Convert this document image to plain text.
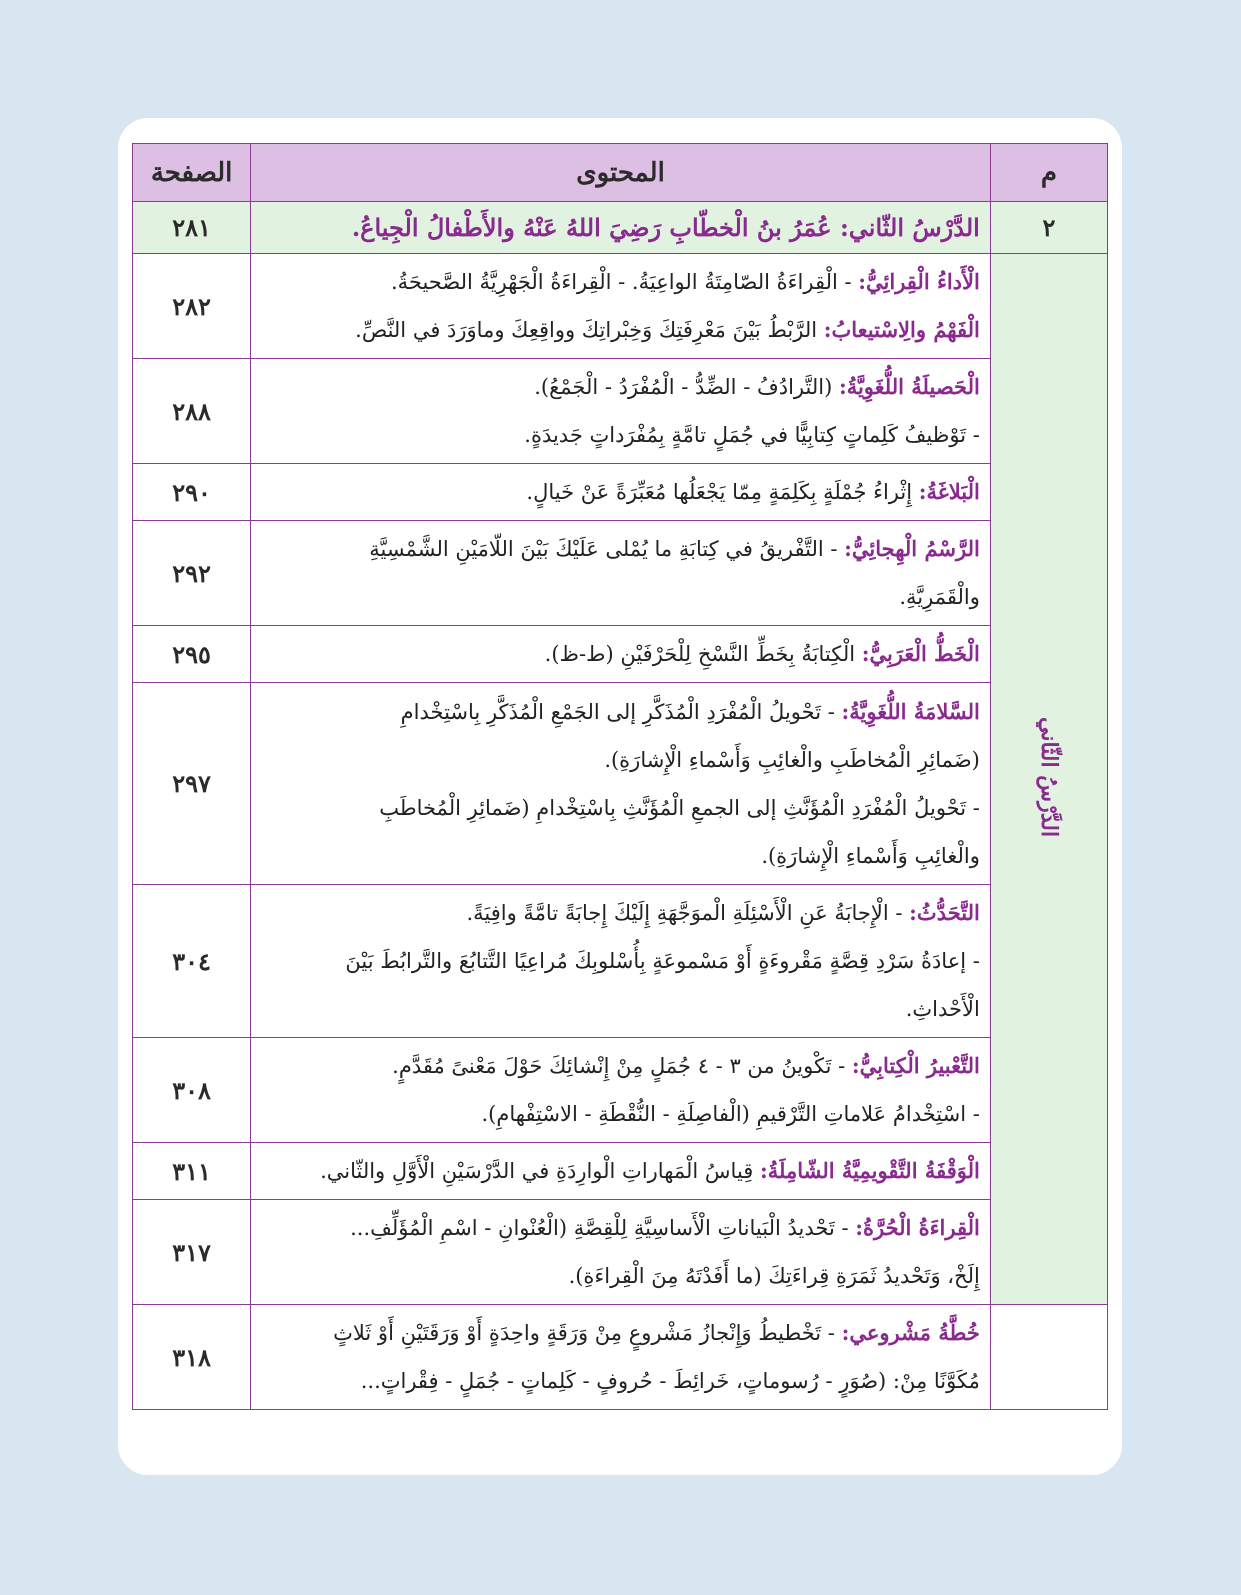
م	المحتوى	الصفحة
٢	الدَّرْسُ الثّاني: عُمَرُ بنُ الْخطّابِ رَضِيَ اللهُ عَنْهُ والأَطْفالُ الْجِياعُ.	٢٨١
الدَّرْسُ الثّاني	الْأَداءُ الْقِرائِيُّ: - الْقِراءَةُ الصّامِتَةُ الواعِيَةُ. - الْقِراءَةُ الْجَهْرِيَّةُ الصَّحيحَةُ.
الْفَهْمُ والِاسْتيعابُ: الرَّبْطُ بَيْنَ مَعْرِفَتِكَ وَخِبْراتِكَ وواقِعِكَ وماوَرَدَ في النَّصِّ.	٢٨٢

	الْحَصيلَةُ اللُّغَوِيَّةُ: (التَّرادُفُ - الضِّدُّ - الْمُفْرَدُ - الْجَمْعُ).
- تَوْظيفُ كَلِماتٍ كِتابِيًّا في جُمَلٍ تامَّةٍ بِمُفْرَداتٍ جَديدَةٍ.	٢٨٨

	الْبَلاغَةُ: إِثْراءُ جُمْلَةٍ بِكَلِمَةٍ مِمّا يَجْعَلُها مُعَبِّرَةً عَنْ خَيالٍ.	٢٩٠

	الرَّسْمُ الْهِجائِيُّ: - التَّفْريقُ في كِتابَةِ ما يُمْلى عَلَيْكَ بَيْنَ اللّامَيْنِ الشَّمْسِيَّةِ
والْقَمَرِيَّةِ.	٢٩٢

	الْخَطُّ الْعَرَبِيُّ: الْكِتابَةُ بِخَطِّ النَّسْخِ لِلْحَرْفَيْنِ (ط-ظ).	٢٩٥

	السَّلامَةُ اللُّغَوِيَّةُ: - تَحْويلُ الْمُفْرَدِ الْمُذَكَّرِ إلى الجَمْعِ الْمُذَكَّرِ بِاسْتِخْدامِ
(ضَمائِرِ الْمُخاطَبِ والْغائِبِ وَأَسْماءِ الْإِشارَةِ).
- تَحْويلُ الْمُفْرَدِ الْمُؤَنَّثِ إلى الجمعِ الْمُؤَنَّثِ بِاسْتِخْدامِ (ضَمائِرِ الْمُخاطَبِ
والْغائِبِ وَأَسْماءِ الْإِشارَةِ).	٢٩٧

	التَّحَدُّثُ: - الْإِجابَةُ عَنِ الْأَسْئِلَةِ الْموَجَّهَةِ إِلَيْكَ إِجابَةً تامَّةً وافِيَةً.
- إعادَةُ سَرْدِ قِصَّةٍ مَقْروءَةٍ أَوْ مَسْموعَةٍ بِأُسْلوبِكَ مُراعِيًا التَّتابُعَ والتَّرابُطَ بَيْنَ
الْأَحْداثِ.	٣٠٤

	التَّعْبيرُ الْكِتابِيُّ: - تَكْوينُ من ٣ - ٤ جُمَلٍ مِنْ إِنْشائِكَ حَوْلَ مَعْنىً مُقَدَّمٍ.
- اسْتِخْدامُ عَلاماتِ التَّرْقيمِ (الْفاصِلَةِ - النُّقْطَةِ - الاسْتِفْهامِ).	٣٠٨

	الْوَقْفَةُ التَّقْويمِيَّةُ الشّامِلَةُ: قِياسُ الْمَهاراتِ الْوارِدَةِ في الدَّرْسَيْنِ الْأَوَّلِ والثّاني.	٣١١

	الْقِراءَةُ الْحُرَّةُ: - تَحْديدُ الْبَياناتِ الْأَساسِيَّةِ لِلْقِصَّةِ (الْعُنْوانِ - اسْمِ الْمُؤَلِّفِ...
إِلَخْ، وَتَحْديدُ ثَمَرَةِ قِراءَتِكَ (ما أَفَدْتَهُ مِنَ الْقِراءَةِ).	٣١٧

	خُطَّةُ مَشْروعي: - تَخْطيطُ وَإِنْجازُ مَشْروعٍ مِنْ وَرَقَةٍ واحِدَةٍ أَوْ وَرَقَتَيْنِ أَوْ ثَلاثٍ
مُكَوَّنًا مِنْ: (صُوَرٍ - رُسوماتٍ، خَرائِطَ - حُروفٍ - كَلِماتٍ - جُمَلٍ - فِقْراتٍ...	٣١٨
